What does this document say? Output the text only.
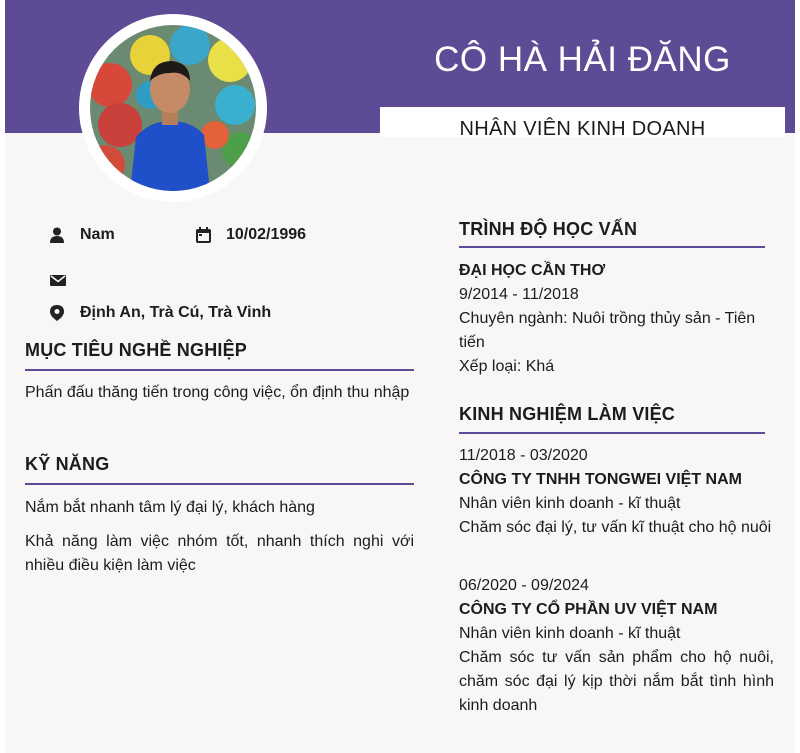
CÔ HÀ HẢI ĐĂNG
NHÂN VIÊN KINH DOANH
Nam	10/02/1996
Định An, Trà Cú, Trà Vinh
MỤC TIÊU NGHỀ NGHIỆP
Phấn đấu thăng tiến trong công việc, ổn định thu nhập
KỸ NĂNG
Nắm bắt nhanh tâm lý đại lý, khách hàng
Khả năng làm việc nhóm tốt, nhanh thích nghi với nhiều điều kiện làm việc
TRÌNH ĐỘ HỌC VẤN
ĐẠI HỌC CẦN THƠ
9/2014 - 11/2018
Chuyên ngành: Nuôi trồng thủy sản - Tiên tiến
Xếp loại: Khá
KINH NGHIỆM LÀM VIỆC
11/2018 - 03/2020
CÔNG TY TNHH TONGWEI VIỆT NAM
Nhân viên kinh doanh - kĩ thuật
Chăm sóc đại lý, tư vấn kĩ thuật cho hộ nuôi
06/2020 - 09/2024
CÔNG TY CỔ PHẦN UV VIỆT NAM
Nhân viên kinh doanh - kĩ thuật
Chăm sóc tư vấn sản phẩm cho hộ nuôi, chăm sóc đại lý kịp thời nắm bắt tình hình kinh doanh
